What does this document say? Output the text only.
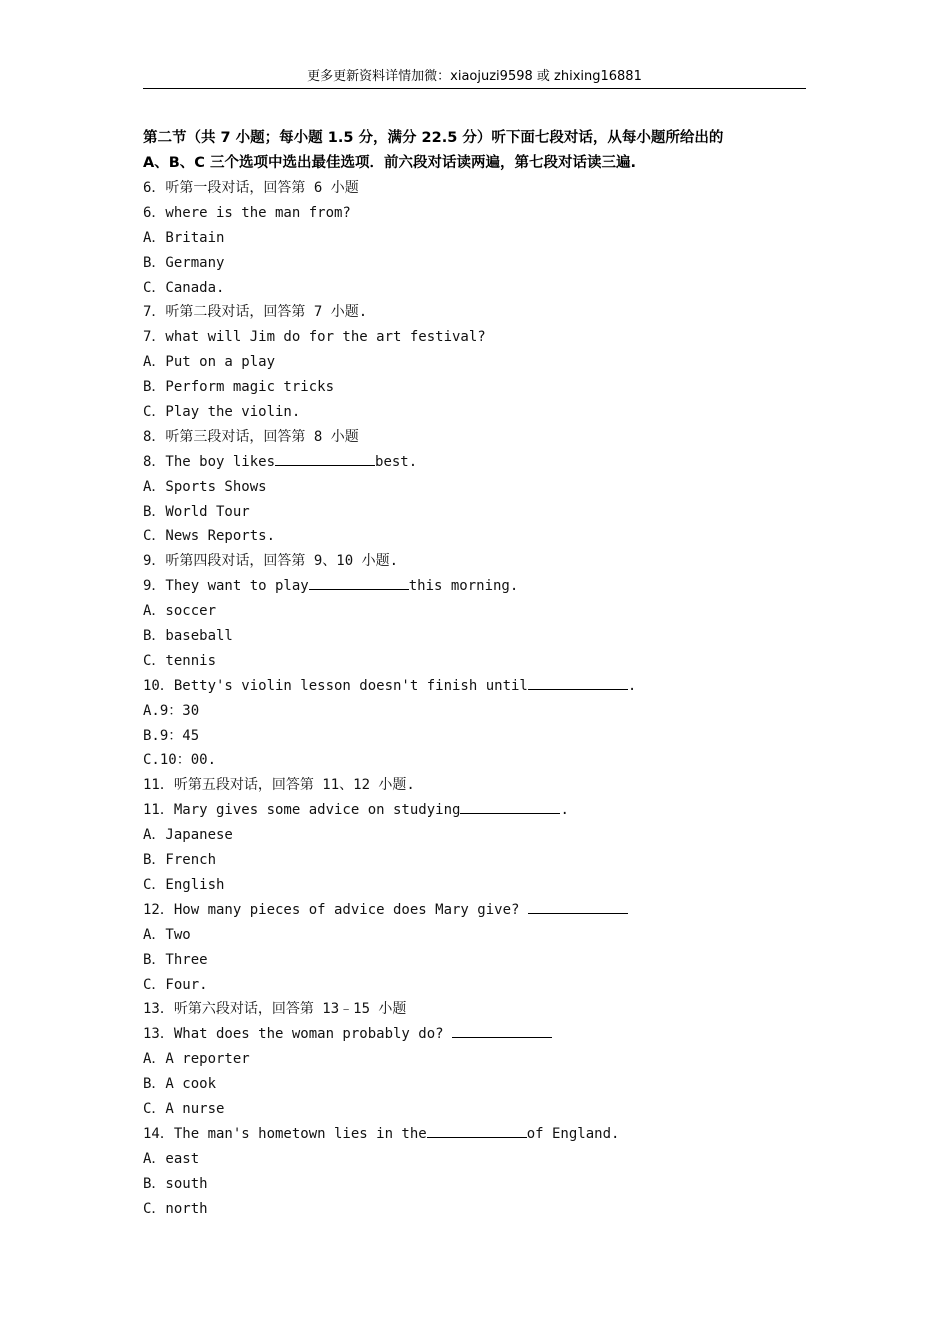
更多更新资料详情加微：xiaojuzi9598 或 zhixing16881
第二节（共 7 小题；每小题 1.5 分，满分 22.5 分）听下面七段对话，从每小题所给出的
A、B、C 三个选项中选出最佳选项．前六段对话读两遍，第七段对话读三遍.
6．听第一段对话，回答第 6 小题
6．where is the man from?
A．Britain
B．Germany
C．Canada.
7．听第二段对话，回答第 7 小题.
7．what will Jim do for the art festival?
A．Put on a play
B．Perform magic tricks
C．Play the violin.
8．听第三段对话，回答第 8 小题
8．The boy likes	best.
A．Sports Shows
B．World Tour
C．News Reports.
9．听第四段对话，回答第 9、10 小题.
9．They want to play	this morning.
A．soccer
B．baseball
C．tennis
10．Betty's violin lesson doesn't finish until	.
A.9：30
B.9：45
C.10：00.
11．听第五段对话，回答第 11、12 小题.
11．Mary gives some advice on studying	.
A．Japanese
B．French
C．English
12．How many pieces of advice does Mary give?
A．Two
B．Three
C．Four.
13．听第六段对话，回答第 13﹣15 小题
13．What does the woman probably do?
A．A reporter
B．A cook
C．A nurse
14．The man's hometown lies in the	of England.
A．east
B．south
C．north
